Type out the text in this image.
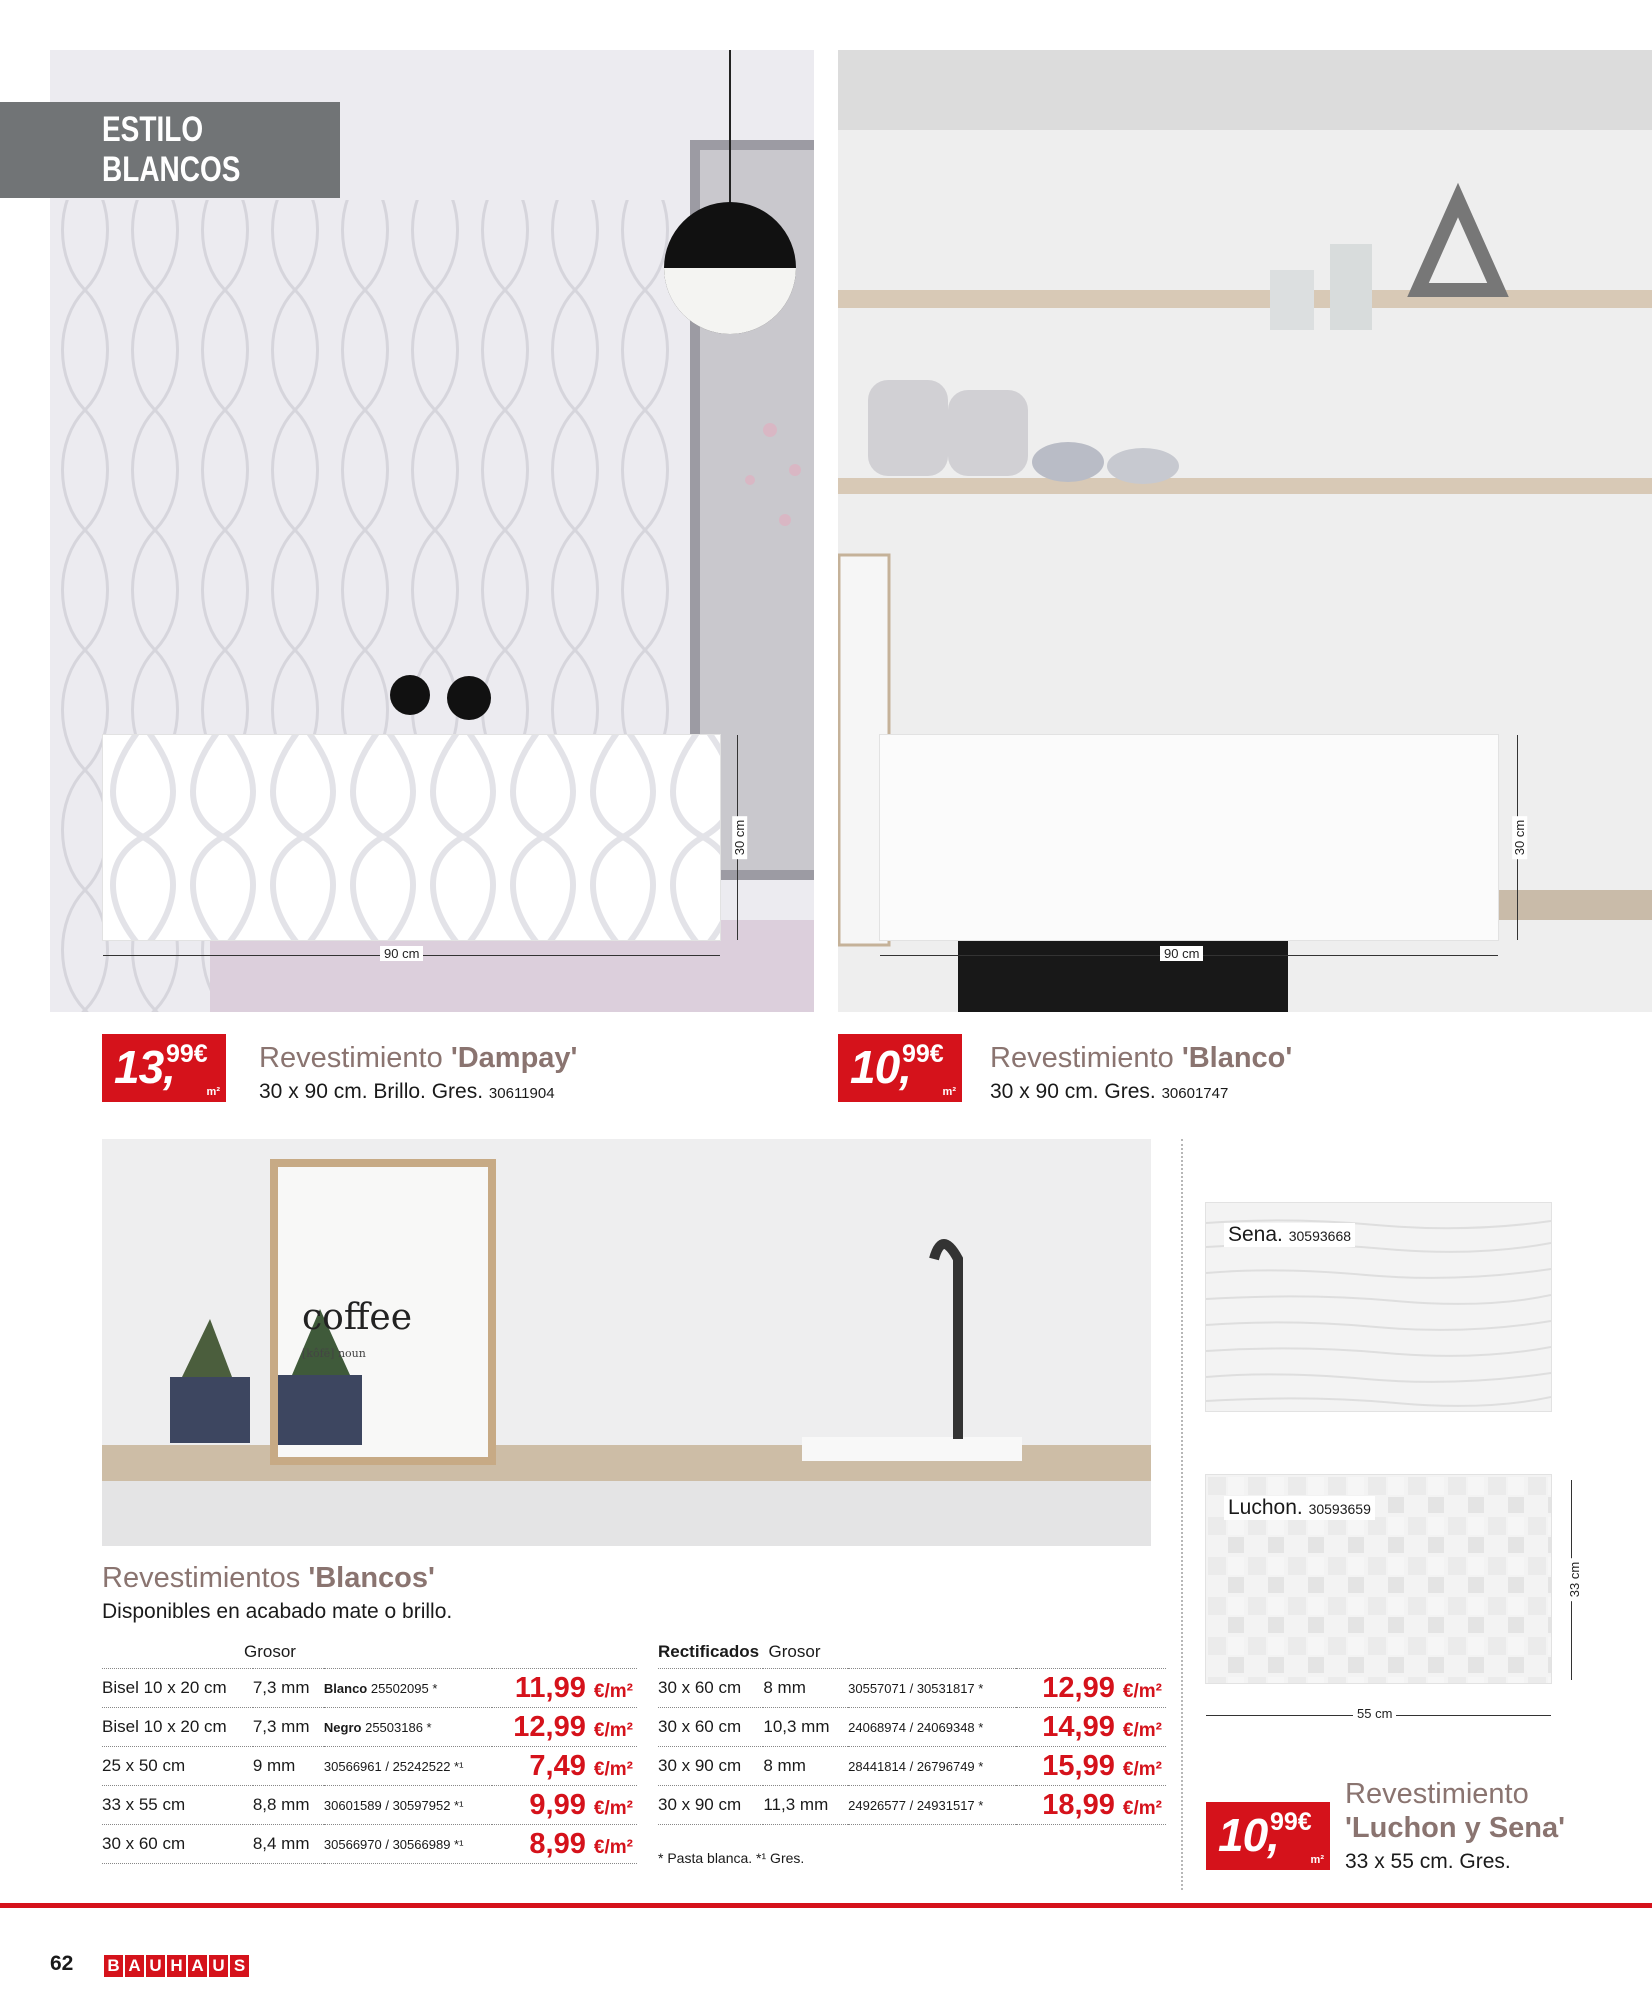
ESTILO BLANCOS
90 cm
30 cm
90 cm
30 cm
13,
99€
m²
Revestimiento 'Dampay'
30 x 90 cm. Brillo. Gres. 30611904
10,
99€
m²
Revestimiento 'Blanco'
30 x 90 cm. Gres. 30601747
coffee
[kôfē] noun
Sena. 30593668
Luchon. 30593659
33 cm
55 cm
10,
99€
m²
Revestimiento
'Luchon y Sena'
33 x 55 cm. Gres.
Revestimientos 'Blancos'
Disponibles en acabado mate o brillo.
Grosor
Bisel 10 x 20 cm	7,3 mm	Blanco 25502095 *	11,99 €/m²
Bisel 10 x 20 cm	7,3 mm	Negro 25503186 *	12,99 €/m²
25 x 50 cm	9 mm	30566961 / 25242522 *¹	7,49 €/m²
33 x 55 cm	8,8 mm	30601589 / 30597952 *¹	9,99 €/m²
30 x 60 cm	8,4 mm	30566970 / 30566989 *¹	8,99 €/m²
Rectificados Grosor
30 x 60 cm	8 mm	30557071 / 30531817 *	12,99 €/m²
30 x 60 cm	10,3 mm	24068974 / 24069348 *	14,99 €/m²
30 x 90 cm	8 mm	28441814 / 26796749 *	15,99 €/m²
30 x 90 cm	11,3 mm	24926577 / 24931517 *	18,99 €/m²
* Pasta blanca. *¹ Gres.
62 B A U H A U S
